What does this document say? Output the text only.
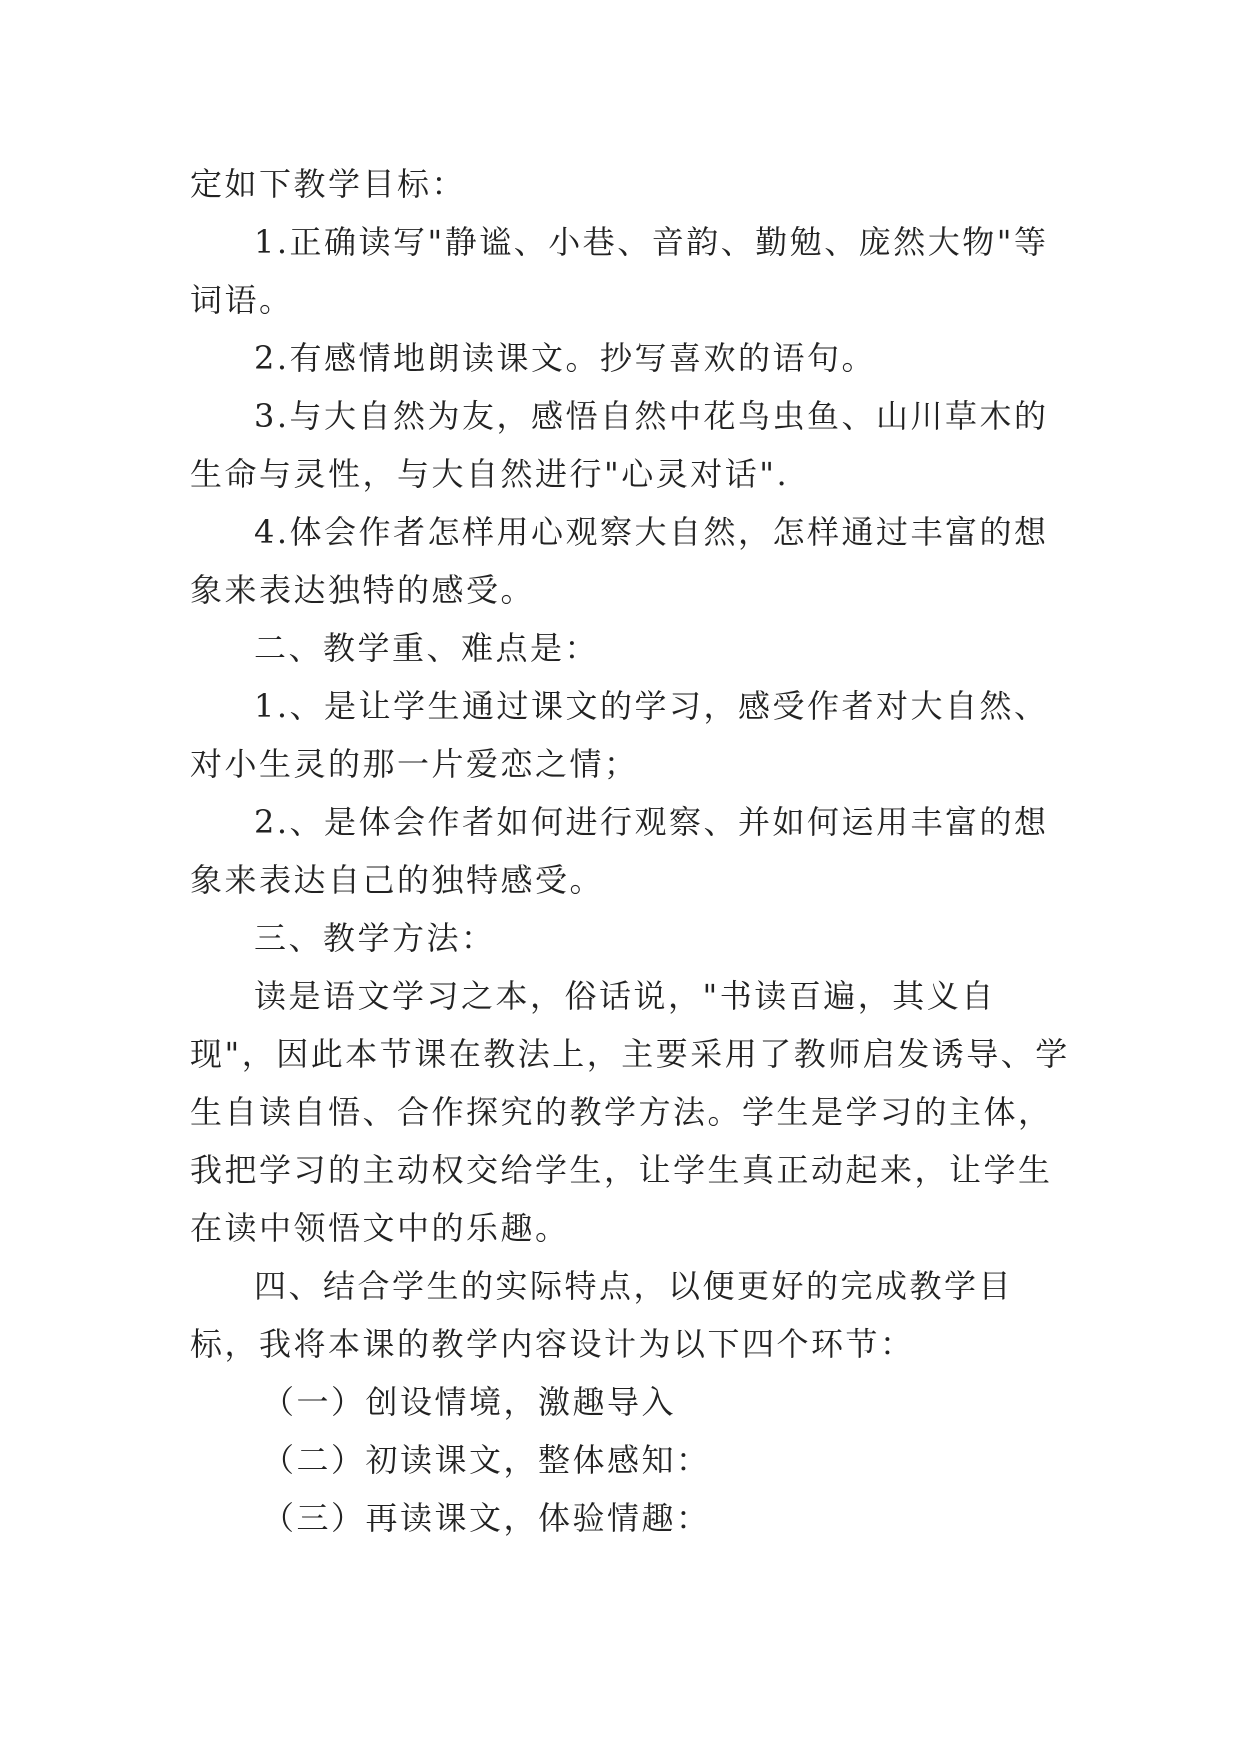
定如下教学目标：

1.正确读写"静谧、小巷、音韵、勤勉、庞然大物"等词语。

2.有感情地朗读课文。抄写喜欢的语句。

3.与大自然为友，感悟自然中花鸟虫鱼、山川草木的生命与灵性，与大自然进行"心灵对话".

4.体会作者怎样用心观察大自然，怎样通过丰富的想象来表达独特的感受。

二、教学重、难点是：

1.、是让学生通过课文的学习，感受作者对大自然、对小生灵的那一片爱恋之情；

2.、是体会作者如何进行观察、并如何运用丰富的想象来表达自己的独特感受。

三、教学方法：

读是语文学习之本，俗话说，"书读百遍，其义自现"，因此本节课在教法上，主要采用了教师启发诱导、学生自读自悟、合作探究的教学方法。学生是学习的主体，我把学习的主动权交给学生，让学生真正动起来，让学生在读中领悟文中的乐趣。

四、结合学生的实际特点，以便更好的完成教学目标，我将本课的教学内容设计为以下四个环节：

（一）创设情境，激趣导入

（二）初读课文，整体感知：

（三）再读课文，体验情趣：
